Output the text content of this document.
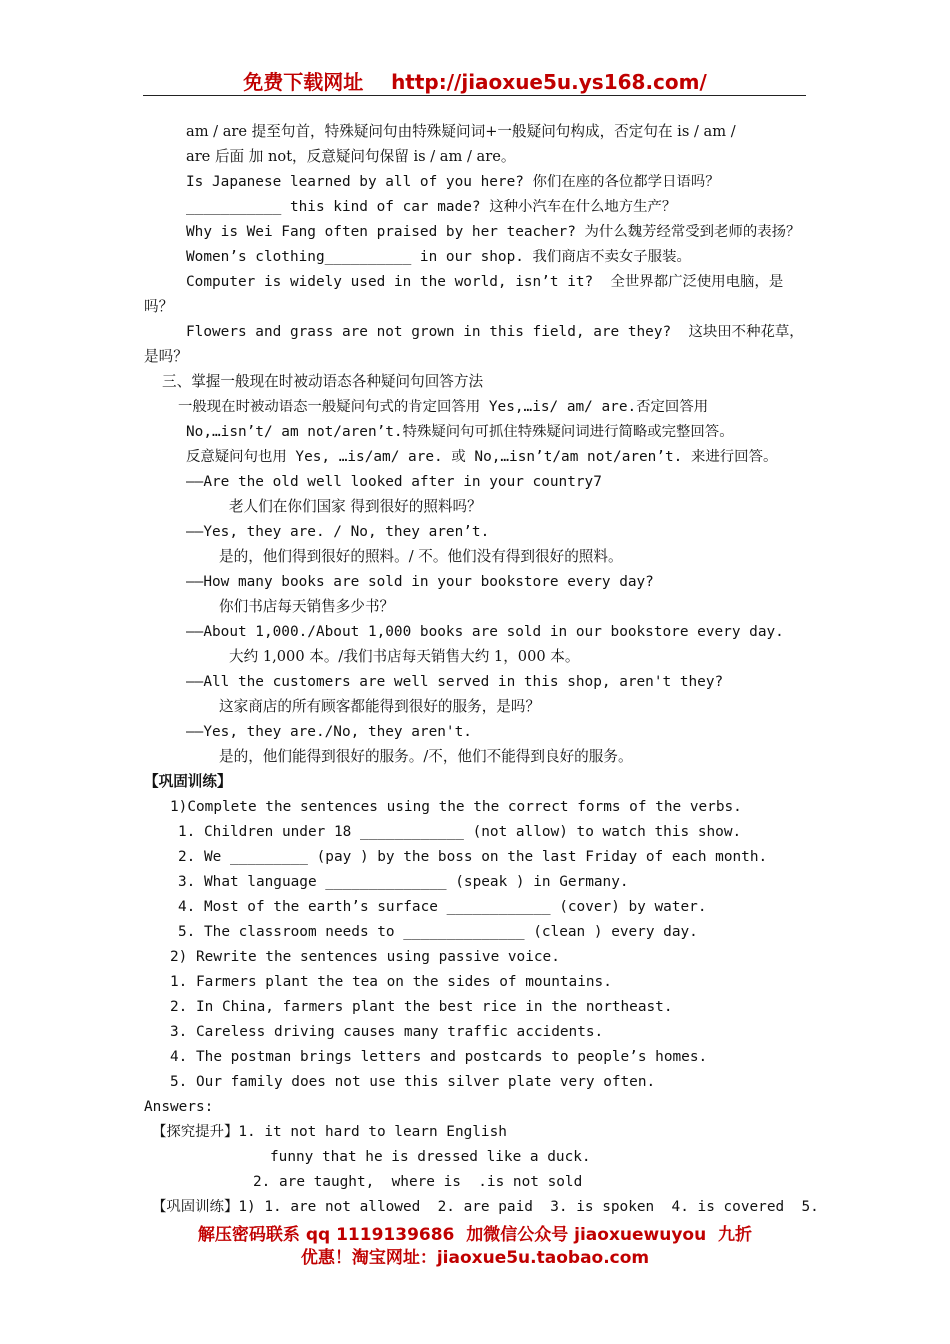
免费下载网址 http://jiaoxue5u.ys168.com/
am / are 提至句首，特殊疑问句由特殊疑问词+一般疑问句构成，否定句在 is / am /
are 后面 加 not，反意疑问句保留 is / am / are。
Is Japanese learned by all of you here? 你们在座的各位都学日语吗？
___________ this kind of car made? 这种小汽车在什么地方生产？
Why is Wei Fang often praised by her teacher? 为什么魏芳经常受到老师的表扬？
Women’s clothing__________ in our shop. 我们商店不卖女子服装。
Computer is widely used in the world, isn’t it?  全世界都广泛使用电脑，是
吗？
Flowers and grass are not grown in this field, are they?  这块田不种花草，
是吗？
三、掌握一般现在时被动语态各种疑问句回答方法
一般现在时被动语态一般疑问句式的肯定回答用 Yes,…is/ am/ are.否定回答用
No,…isn’t/ am not/aren’t.特殊疑问句可抓住特殊疑问词进行简略或完整回答。
反意疑问句也用 Yes, …is/am/ are. 或 No,…isn’t/am not/aren’t. 来进行回答。
——Are the old well looked after in your country7
老人们在你们国家 得到很好的照料吗？
——Yes, they are. / No, they aren’t.
是的，他们得到很好的照料。/ 不。他们没有得到很好的照料。
——How many books are sold in your bookstore every day?
你们书店每天销售多少书？
——About 1,000./About 1,000 books are sold in our bookstore every day.
大约 1,000 本。/我们书店每天销售大约 1，000 本。
——All the customers are well served in this shop, aren't they?
这家商店的所有顾客都能得到很好的服务，是吗？
——Yes, they are./No, they aren't.
是的，他们能得到很好的服务。/不，他们不能得到良好的服务。
【巩固训练】
1)Complete the sentences using the the correct forms of the verbs.
1. Children under 18 ____________ (not allow) to watch this show.
2. We _________ (pay ) by the boss on the last Friday of each month.
3. What language ______________ (speak ) in Germany.
4. Most of the earth’s surface ____________ (cover) by water.
5. The classroom needs to ______________ (clean ) every day.
2) Rewrite the sentences using passive voice.
1. Farmers plant the tea on the sides of mountains.
2. In China, farmers plant the best rice in the northeast.
3. Careless driving causes many traffic accidents.
4. The postman brings letters and postcards to people’s homes.
5. Our family does not use this silver plate very often.
Answers:
【探究提升】1. it not hard to learn English
funny that he is dressed like a duck.
2. are taught,  where is  .is not sold
【巩固训练】1) 1. are not allowed  2. are paid  3. is spoken  4. is covered  5.
解压密码联系 qq 1119139686  加微信公众号 jiaoxuewuyou  九折
优惠！淘宝网址：jiaoxue5u.taobao.com
